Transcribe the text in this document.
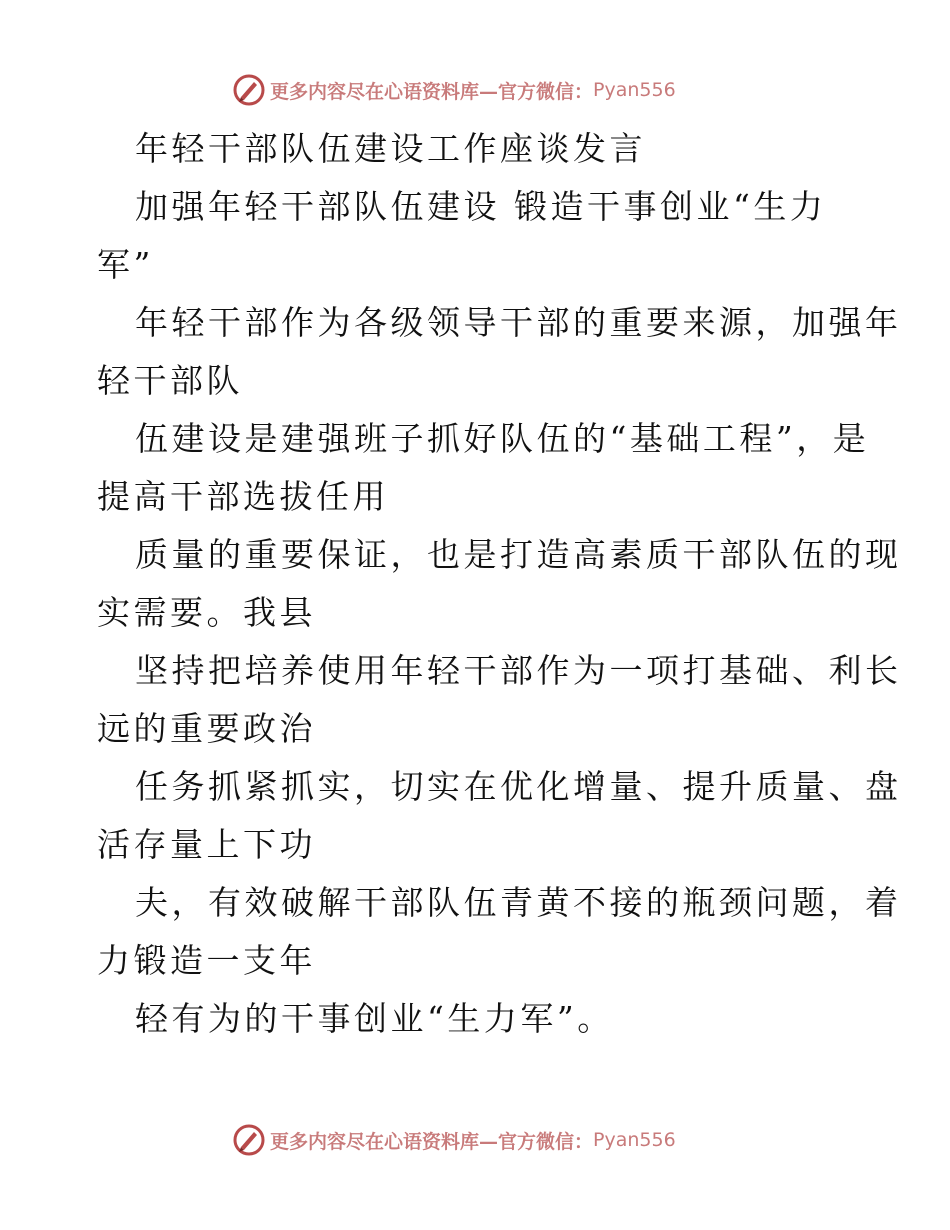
更多内容尽在心语资料库—官方微信： Pyan556

年轻干部队伍建设工作座谈发言

加强年轻干部队伍建设 锻造干事创业“生力

军”

年轻干部作为各级领导干部的重要来源，加强年

轻干部队

伍建设是建强班子抓好队伍的“基础工程”，是

提高干部选拔任用

质量的重要保证，也是打造高素质干部队伍的现

实需要。我县

坚持把培养使用年轻干部作为一项打基础、利长

远的重要政治

任务抓紧抓实，切实在优化增量、提升质量、盘

活存量上下功

夫，有效破解干部队伍青黄不接的瓶颈问题，着

力锻造一支年

轻有为的干事创业“生力军”。

更多内容尽在心语资料库—官方微信： Pyan556
